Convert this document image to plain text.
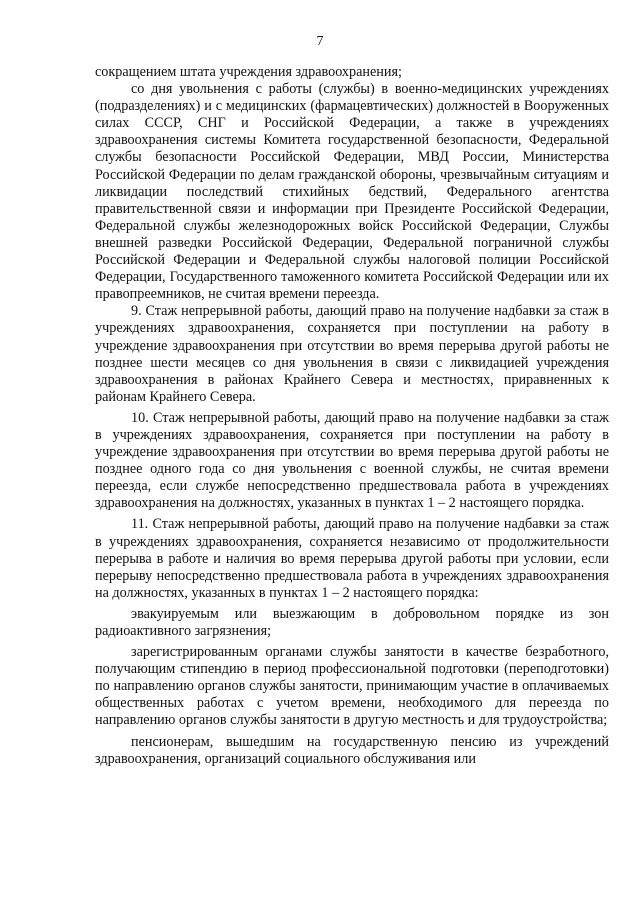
7

сокращением штата учреждения здравоохранения;

со дня увольнения с работы (службы) в военно-медицинских учреждениях (подразделениях) и с медицинских (фармацевтических) должностей в Вооруженных силах СССР, СНГ и Российской Федерации, а также в учреждениях здравоохранения системы Комитета государственной безопасности, Федеральной службы безопасности Российской Федерации, МВД России, Министерства Российской Федерации по делам гражданской обороны, чрезвычайным ситуациям и ликвидации последствий стихийных бедствий, Федерального агентства правительственной связи и информации при Президенте Российской Федерации, Федеральной службы железнодорожных войск Российской Федерации, Службы внешней разведки Российской Федерации, Федеральной пограничной службы Российской Федерации и Федеральной службы налоговой полиции Российской Федерации, Государственного таможенного комитета Российской Федерации или их правопреемников, не считая времени переезда.

9. Стаж непрерывной работы, дающий право на получение надбавки за стаж в учреждениях здравоохранения, сохраняется при поступлении на работу в учреждение здравоохранения при отсутствии во время перерыва другой работы не позднее шести месяцев со дня увольнения в связи с ликвидацией учреждения здравоохранения в районах Крайнего Севера и местностях, приравненных к районам Крайнего Севера.

10. Стаж непрерывной работы, дающий право на получение надбавки за стаж в учреждениях здравоохранения, сохраняется при поступлении на работу в учреждение здравоохранения при отсутствии во время перерыва другой работы не позднее одного года со дня увольнения с военной службы, не считая времени переезда, если службе непосредственно предшествовала работа в учреждениях здравоохранения на должностях, указанных в пунктах 1 – 2 настоящего порядка.

11. Стаж непрерывной работы, дающий право на получение надбавки за стаж в учреждениях здравоохранения, сохраняется независимо от продолжительности перерыва в работе и наличия во время перерыва другой работы при условии, если перерыву непосредственно предшествовала работа в учреждениях здравоохранения на должностях, указанных в пунктах 1 – 2 настоящего порядка:

эвакуируемым или выезжающим в добровольном порядке из зон радиоактивного загрязнения;

зарегистрированным органами службы занятости в качестве безработного, получающим стипендию в период профессиональной подготовки (переподготовки) по направлению органов службы занятости, принимающим участие в оплачиваемых общественных работах с учетом времени, необходимого для переезда по направлению органов службы занятости в другую местность и для трудоустройства;

пенсионерам, вышедшим на государственную пенсию из учреждений здравоохранения, организаций социального обслуживания или
